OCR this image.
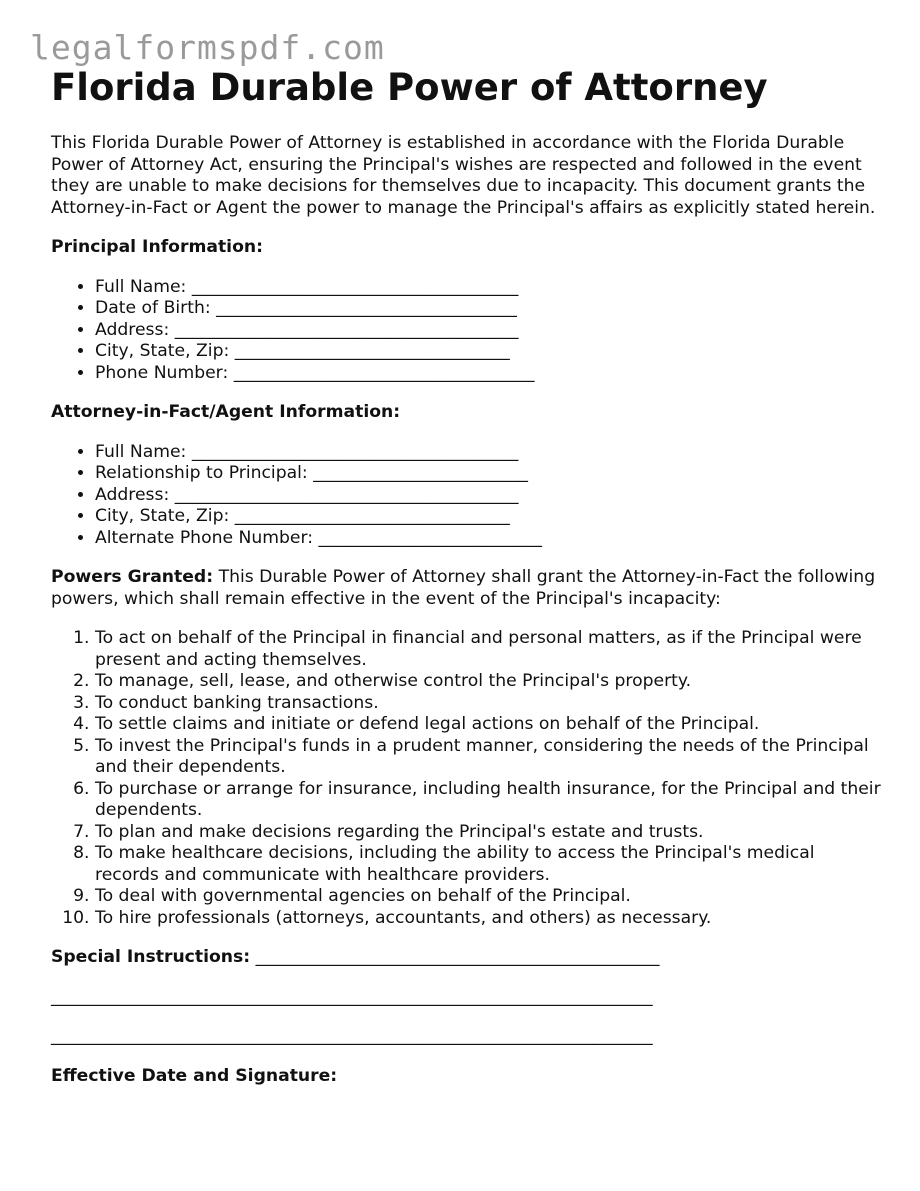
legalformspdf.com
Florida Durable Power of Attorney

This Florida Durable Power of Attorney is established in accordance with the Florida Durable Power of Attorney Act, ensuring the Principal's wishes are respected and followed in the event they are unable to make decisions for themselves due to incapacity. This document grants the Attorney-in-Fact or Agent the power to manage the Principal's affairs as explicitly stated herein.

Principal Information:

• Full Name: ______________________________________
• Date of Birth: ___________________________________
• Address: ________________________________________
• City, State, Zip: ________________________________
• Phone Number: ___________________________________

Attorney-in-Fact/Agent Information:

• Full Name: ______________________________________
• Relationship to Principal: _________________________
• Address: ________________________________________
• City, State, Zip: ________________________________
• Alternate Phone Number: __________________________

Powers Granted: This Durable Power of Attorney shall grant the Attorney-in-Fact the following powers, which shall remain effective in the event of the Principal's incapacity:

1. To act on behalf of the Principal in financial and personal matters, as if the Principal were present and acting themselves.
2. To manage, sell, lease, and otherwise control the Principal's property.
3. To conduct banking transactions.
4. To settle claims and initiate or defend legal actions on behalf of the Principal.
5. To invest the Principal's funds in a prudent manner, considering the needs of the Principal and their dependents.
6. To purchase or arrange for insurance, including health insurance, for the Principal and their dependents.
7. To plan and make decisions regarding the Principal's estate and trusts.
8. To make healthcare decisions, including the ability to access the Principal's medical records and communicate with healthcare providers.
9. To deal with governmental agencies on behalf of the Principal.
10. To hire professionals (attorneys, accountants, and others) as necessary.

Special Instructions: _______________________________________________

______________________________________________________________________

______________________________________________________________________

Effective Date and Signature:
